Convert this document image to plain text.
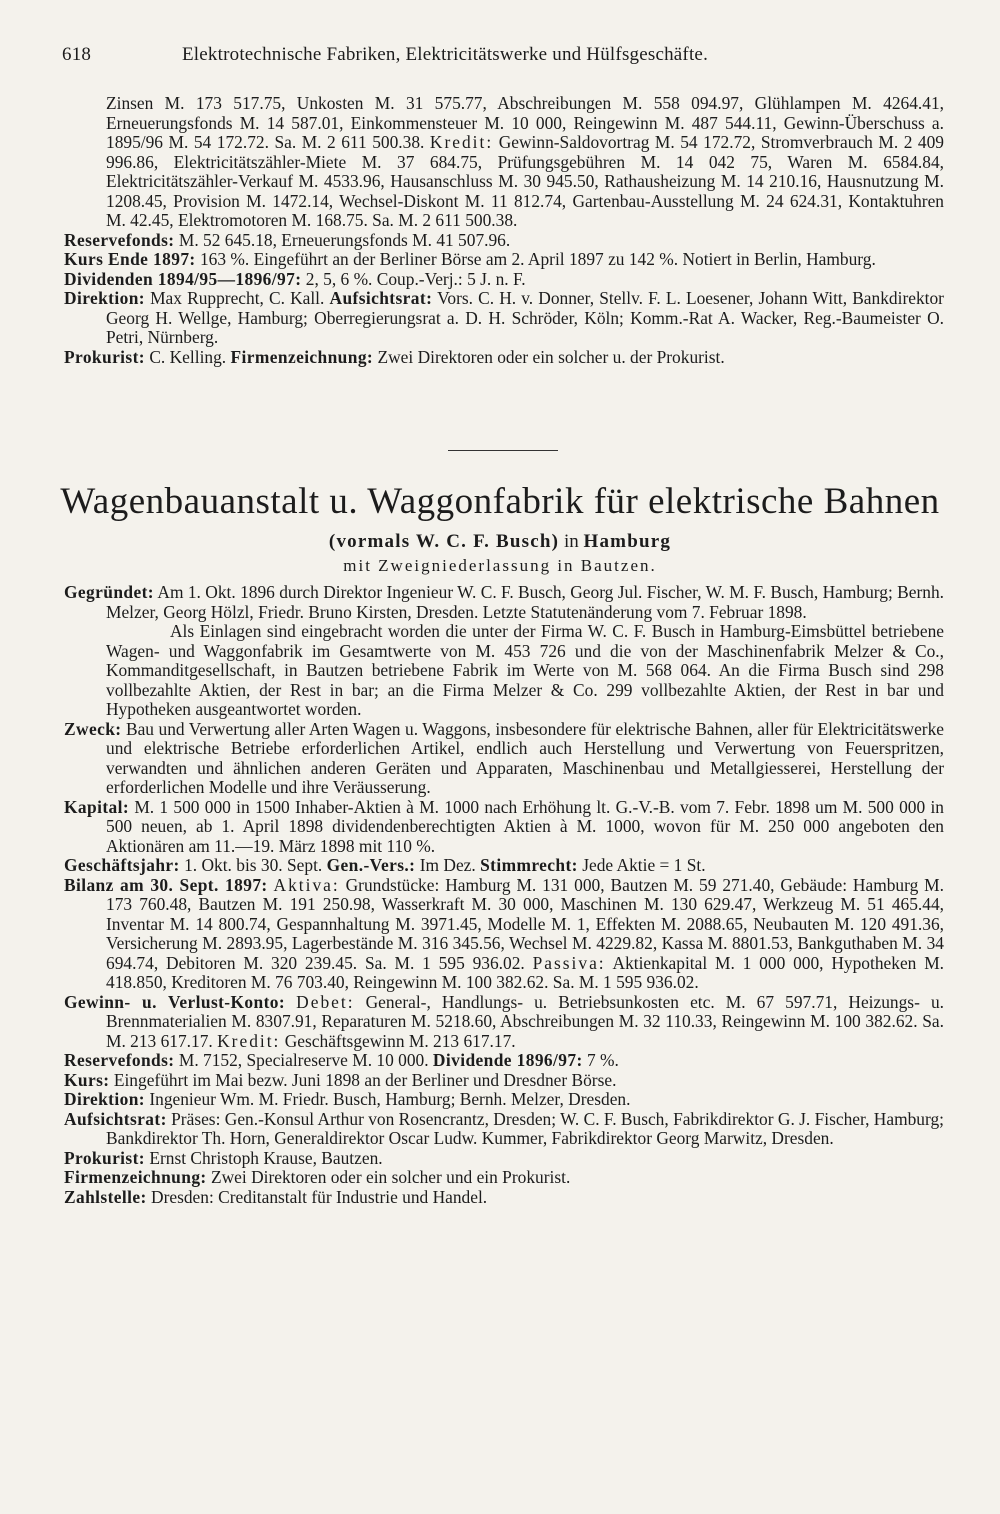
618	Elektrotechnische Fabriken, Elektricitätswerke und Hülfsgeschäfte.

Zinsen M. 173 517.75, Unkosten M. 31 575.77, Abschreibungen M. 558 094.97, Glühlampen M. 4264.41, Erneuerungsfonds M. 14 587.01, Einkommensteuer M. 10 000, Reingewinn M. 487 544.11, Gewinn-Überschuss a. 1895/96 M. 54 172.72. Sa. M. 2 611 500.38. Kredit: Gewinn-Saldovortrag M. 54 172.72, Stromverbrauch M. 2 409 996.86, Elektricitätszähler-Miete M. 37 684.75, Prüfungsgebühren M. 14 042 75, Waren M. 6584.84, Elektricitätszähler-Verkauf M. 4533.96, Hausanschluss M. 30 945.50, Rathausheizung M. 14 210.16, Hausnutzung M. 1208.45, Provision M. 1472.14, Wechsel-Diskont M. 11 812.74, Gartenbau-Ausstellung M. 24 624.31, Kontaktuhren M. 42.45, Elektromotoren M. 168.75. Sa. M. 2 611 500.38.

Reservefonds: M. 52 645.18, Erneuerungsfonds M. 41 507.96.

Kurs Ende 1897: 163 %. Eingeführt an der Berliner Börse am 2. April 1897 zu 142 %. Notiert in Berlin, Hamburg.

Dividenden 1894/95—1896/97: 2, 5, 6 %. Coup.-Verj.: 5 J. n. F.

Direktion: Max Rupprecht, C. Kall. Aufsichtsrat: Vors. C. H. v. Donner, Stellv. F. L. Loesener, Johann Witt, Bankdirektor Georg H. Wellge, Hamburg; Oberregierungsrat a. D. H. Schröder, Köln; Komm.-Rat A. Wacker, Reg.-Baumeister O. Petri, Nürnberg.

Prokurist: C. Kelling. Firmenzeichnung: Zwei Direktoren oder ein solcher u. der Prokurist.

Wagenbauanstalt u. Waggonfabrik für elektrische Bahnen
(vormals W. C. F. Busch) in Hamburg
mit Zweigniederlassung in Bautzen.

Gegründet: Am 1. Okt. 1896 durch Direktor Ingenieur W. C. F. Busch, Georg Jul. Fischer, W. M. F. Busch, Hamburg; Bernh. Melzer, Georg Hölzl, Friedr. Bruno Kirsten, Dresden. Letzte Statutenänderung vom 7. Februar 1898.

Als Einlagen sind eingebracht worden die unter der Firma W. C. F. Busch in Hamburg-Eimsbüttel betriebene Wagen- und Waggonfabrik im Gesamtwerte von M. 453 726 und die von der Maschinenfabrik Melzer & Co., Kommanditgesellschaft, in Bautzen betriebene Fabrik im Werte von M. 568 064. An die Firma Busch sind 298 vollbezahlte Aktien, der Rest in bar; an die Firma Melzer & Co. 299 vollbezahlte Aktien, der Rest in bar und Hypotheken ausgeantwortet worden.

Zweck: Bau und Verwertung aller Arten Wagen u. Waggons, insbesondere für elektrische Bahnen, aller für Elektricitätswerke und elektrische Betriebe erforderlichen Artikel, endlich auch Herstellung und Verwertung von Feuerspritzen, verwandten und ähnlichen anderen Geräten und Apparaten, Maschinenbau und Metallgiesserei, Herstellung der erforderlichen Modelle und ihre Veräusserung.

Kapital: M. 1 500 000 in 1500 Inhaber-Aktien à M. 1000 nach Erhöhung lt. G.-V.-B. vom 7. Febr. 1898 um M. 500 000 in 500 neuen, ab 1. April 1898 dividendenberechtigten Aktien à M. 1000, wovon für M. 250 000 angeboten den Aktionären am 11.—19. März 1898 mit 110 %.

Geschäftsjahr: 1. Okt. bis 30. Sept. Gen.-Vers.: Im Dez. Stimmrecht: Jede Aktie = 1 St.

Bilanz am 30. Sept. 1897: Aktiva: Grundstücke: Hamburg M. 131 000, Bautzen M. 59 271.40, Gebäude: Hamburg M. 173 760.48, Bautzen M. 191 250.98, Wasserkraft M. 30 000, Maschinen M. 130 629.47, Werkzeug M. 51 465.44, Inventar M. 14 800.74, Gespannhaltung M. 3971.45, Modelle M. 1, Effekten M. 2088.65, Neubauten M. 120 491.36, Versicherung M. 2893.95, Lagerbestände M. 316 345.56, Wechsel M. 4229.82, Kassa M. 8801.53, Bankguthaben M. 34 694.74, Debitoren M. 320 239.45. Sa. M. 1 595 936.02. Passiva: Aktienkapital M. 1 000 000, Hypotheken M. 418.850, Kreditoren M. 76 703.40, Reingewinn M. 100 382.62. Sa. M. 1 595 936.02.

Gewinn- u. Verlust-Konto: Debet: General-, Handlungs- u. Betriebsunkosten etc. M. 67 597.71, Heizungs- u. Brennmaterialien M. 8307.91, Reparaturen M. 5218.60, Abschreibungen M. 32 110.33, Reingewinn M. 100 382.62. Sa. M. 213 617.17. Kredit: Geschäftsgewinn M. 213 617.17.

Reservefonds: M. 7152, Specialreserve M. 10 000. Dividende 1896/97: 7 %.

Kurs: Eingeführt im Mai bezw. Juni 1898 an der Berliner und Dresdner Börse.

Direktion: Ingenieur Wm. M. Friedr. Busch, Hamburg; Bernh. Melzer, Dresden.

Aufsichtsrat: Präses: Gen.-Konsul Arthur von Rosencrantz, Dresden; W. C. F. Busch, Fabrikdirektor G. J. Fischer, Hamburg; Bankdirektor Th. Horn, Generaldirektor Oscar Ludw. Kummer, Fabrikdirektor Georg Marwitz, Dresden.

Prokurist: Ernst Christoph Krause, Bautzen.

Firmenzeichnung: Zwei Direktoren oder ein solcher und ein Prokurist.

Zahlstelle: Dresden: Creditanstalt für Industrie und Handel.
